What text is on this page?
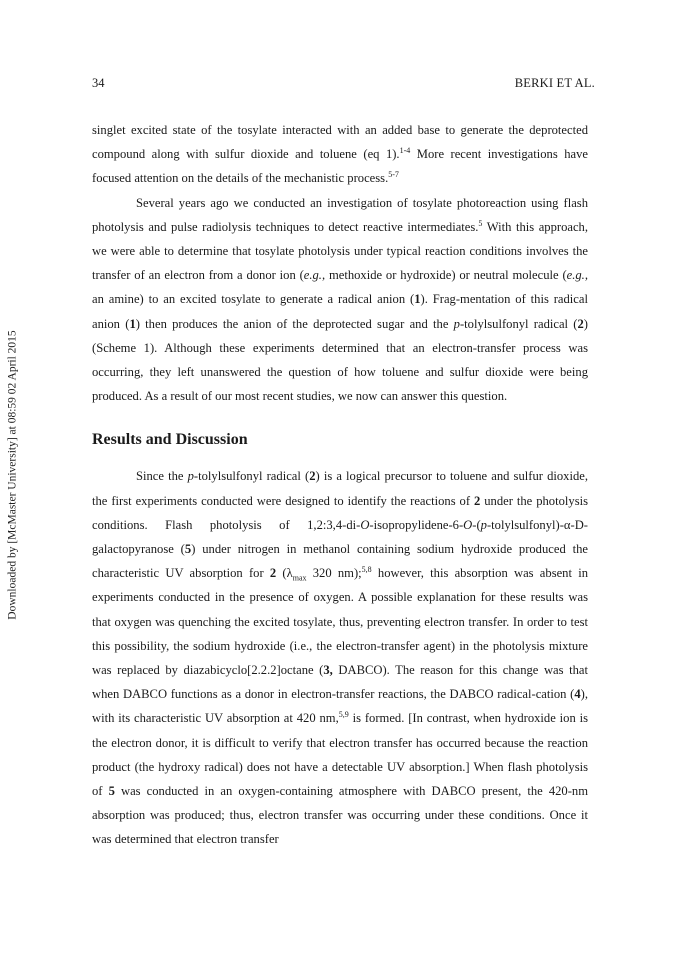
34	BERKI ET AL.
Downloaded by [McMaster University] at 08:59 02 April 2015

singlet excited state of the tosylate interacted with an added base to generate the deprotected compound along with sulfur dioxide and toluene (eq 1).$^{1-4}$ More recent investigations have focused attention on the details of the mechanistic process.$^{5-7}$

Several years ago we conducted an investigation of tosylate photoreaction using flash photolysis and pulse radiolysis techniques to detect reactive intermediates.$^5$ With this approach, we were able to determine that tosylate photolysis under typical reaction conditions involves the transfer of an electron from a donor ion (e.g., methoxide or hydroxide) or neutral molecule (e.g., an amine) to an excited tosylate to generate a radical anion (1). Frag-mentation of this radical anion (1) then produces the anion of the deprotected sugar and the p-tolylsulfonyl radical (2) (Scheme 1). Although these experiments determined that an electron-transfer process was occurring, they left unanswered the question of how toluene and sulfur dioxide were being produced. As a result of our most recent studies, we now can answer this question.

Results and Discussion

Since the p-tolylsulfonyl radical (2) is a logical precursor to toluene and sulfur dioxide, the first experiments conducted were designed to identify the reactions of 2 under the photolysis conditions. Flash photolysis of 1,2:3,4-di-O-isopropylidene-6-O-(p-tolylsulfonyl)-α-D-galactopyranose (5) under nitrogen in methanol containing sodium hydroxide produced the characteristic UV absorption for 2 ($\lambda_{max}$ 320 nm);$^{5,8}$ however, this absorption was absent in experiments conducted in the presence of oxygen. A possible explanation for these results was that oxygen was quenching the excited tosylate, thus, preventing electron transfer. In order to test this possibility, the sodium hydroxide (i.e., the electron-transfer agent) in the photolysis mixture was replaced by diazabicyclo[2.2.2]octane (3, DABCO). The reason for this change was that when DABCO functions as a donor in electron-transfer reactions, the DABCO radical-cation (4), with its characteristic UV absorption at 420 nm,$^{5,9}$ is formed. [In contrast, when hydroxide ion is the electron donor, it is difficult to verify that electron transfer has occurred because the reaction product (the hydroxy radical) does not have a detectable UV absorption.] When flash photolysis of 5 was conducted in an oxygen-containing atmosphere with DABCO present, the 420-nm absorption was produced; thus, electron transfer was occurring under these conditions. Once it was determined that electron transfer
